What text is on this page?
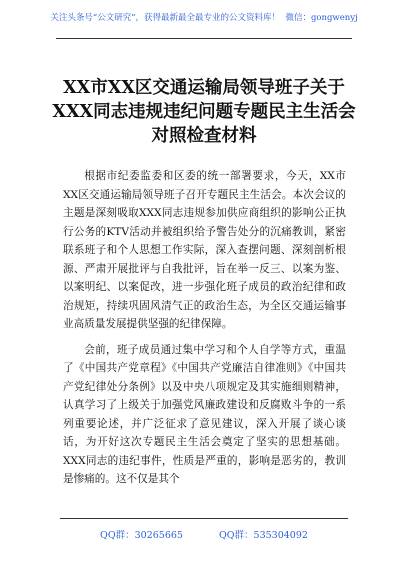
关注头条号“公文研究”，获得最新最全最专业的公文资料库！ 微信：gongwenyj
XX市XX区交通运输局领导班子关于
XXX同志违规违纪问题专题民主生活会
对照检查材料

根据市纪委监委和区委的统一部署要求，今天，XX市XX区交通运输局领导班子召开专题民主生活会。本次会议的主题是深刻吸取XXX同志违规参加供应商组织的影响公正执行公务的KTV活动并被组织给予警告处分的沉痛教训，紧密联系班子和个人思想工作实际，深入查摆问题、深刻剖析根源、严肃开展批评与自我批评，旨在举一反三、以案为鉴、以案明纪、以案促改，进一步强化班子成员的政治纪律和政治规矩，持续巩固风清气正的政治生态，为全区交通运输事业高质量发展提供坚强的纪律保障。

会前，班子成员通过集中学习和个人自学等方式，重温了《中国共产党章程》《中国共产党廉洁自律准则》《中国共产党纪律处分条例》以及中央八项规定及其实施细则精神，认真学习了上级关于加强党风廉政建设和反腐败斗争的一系列重要论述，并广泛征求了意见建议，深入开展了谈心谈话，为开好这次专题民主生活会奠定了坚实的思想基础。XXX同志的违纪事件，性质是严重的，影响是恶劣的，教训是惨痛的。这不仅是其个

QQ群：30265665	QQ群：535304092
